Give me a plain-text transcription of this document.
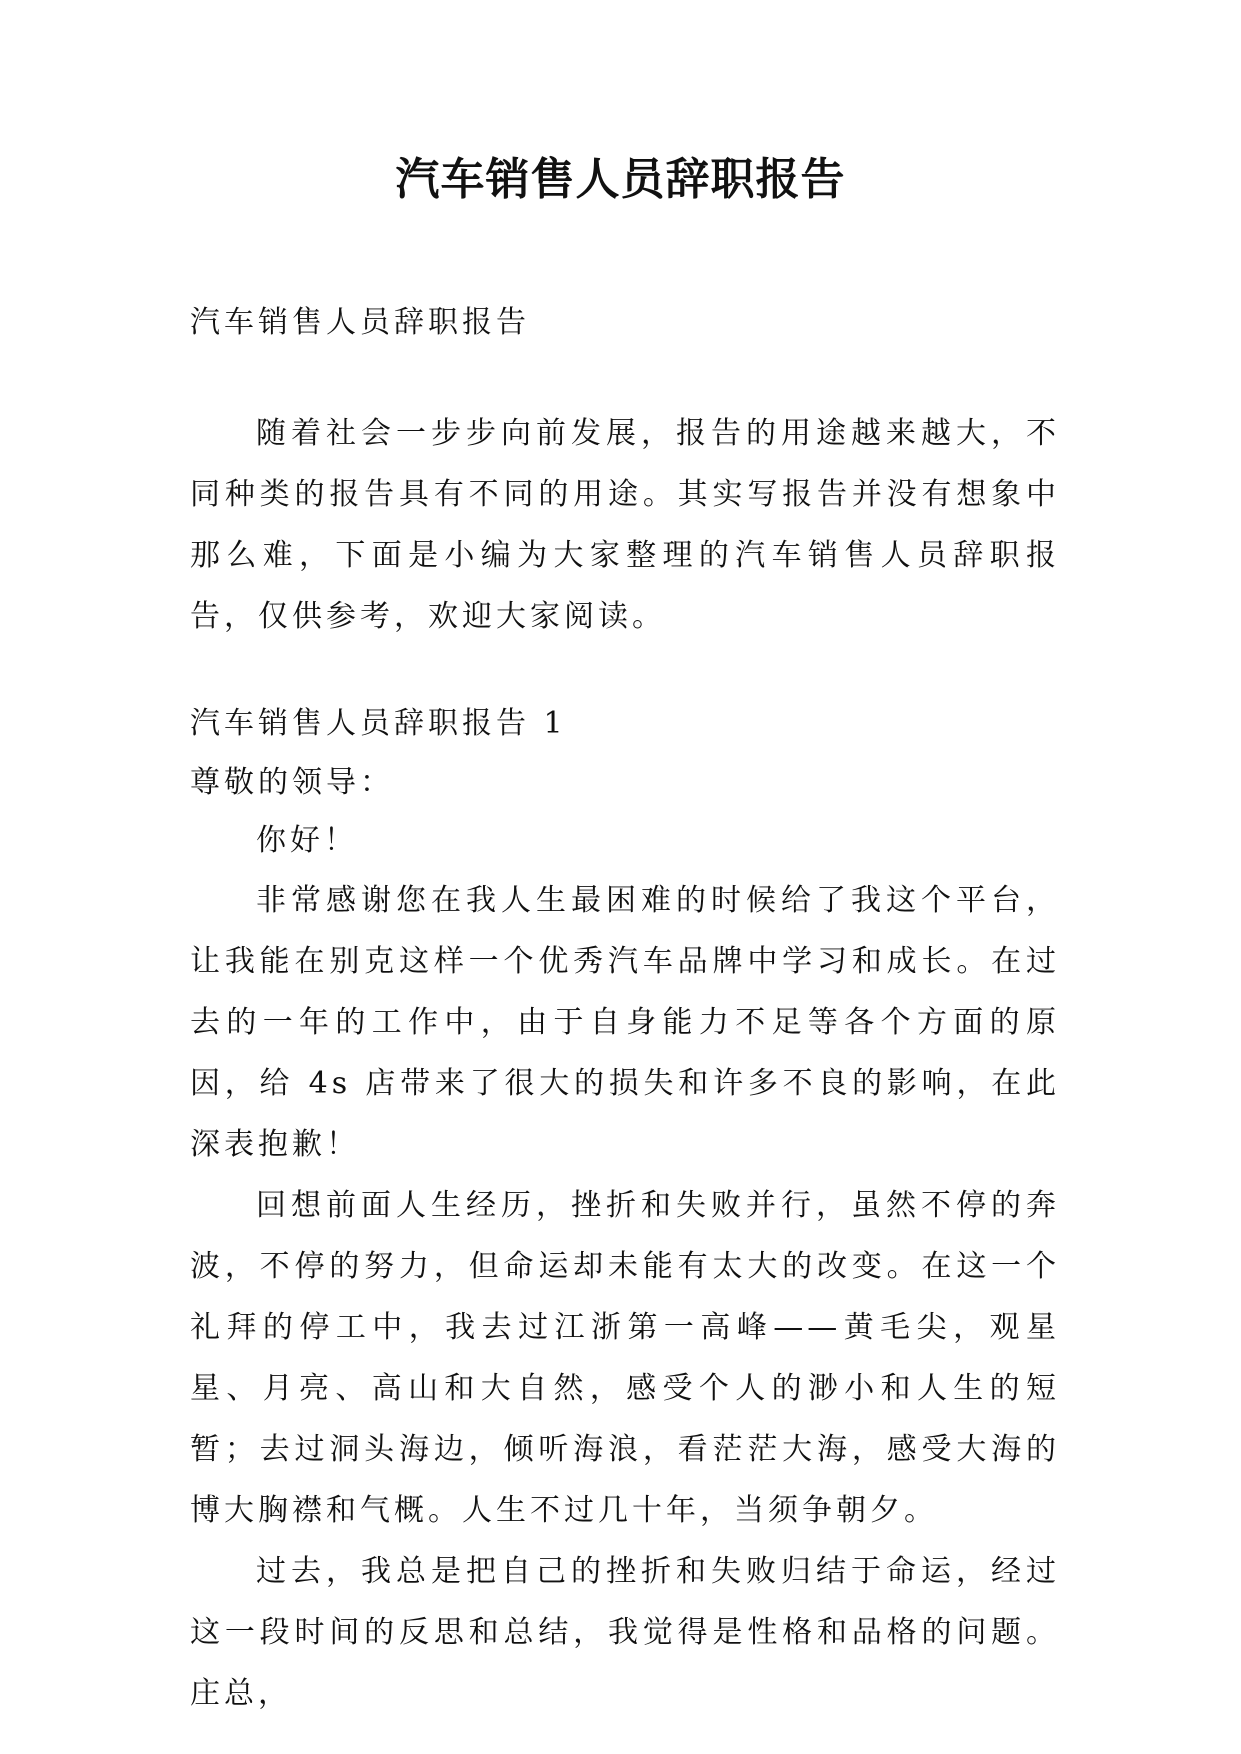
汽车销售人员辞职报告

汽车销售人员辞职报告

随着社会一步步向前发展，报告的用途越来越大，不同种类的报告具有不同的用途。其实写报告并没有想象中那么难，下面是小编为大家整理的汽车销售人员辞职报告，仅供参考，欢迎大家阅读。

汽车销售人员辞职报告 1

尊敬的领导：

你好！

非常感谢您在我人生最困难的时候给了我这个平台，让我能在别克这样一个优秀汽车品牌中学习和成长。在过去的一年的工作中，由于自身能力不足等各个方面的原因，给 4s 店带来了很大的损失和许多不良的影响，在此深表抱歉！

回想前面人生经历，挫折和失败并行，虽然不停的奔波，不停的努力，但命运却未能有太大的改变。在这一个礼拜的停工中，我去过江浙第一高峰——黄毛尖，观星星、月亮、高山和大自然，感受个人的渺小和人生的短暂；去过洞头海边，倾听海浪，看茫茫大海，感受大海的博大胸襟和气概。人生不过几十年，当须争朝夕。

过去，我总是把自己的挫折和失败归结于命运，经过这一段时间的反思和总结，我觉得是性格和品格的问题。庄总，
